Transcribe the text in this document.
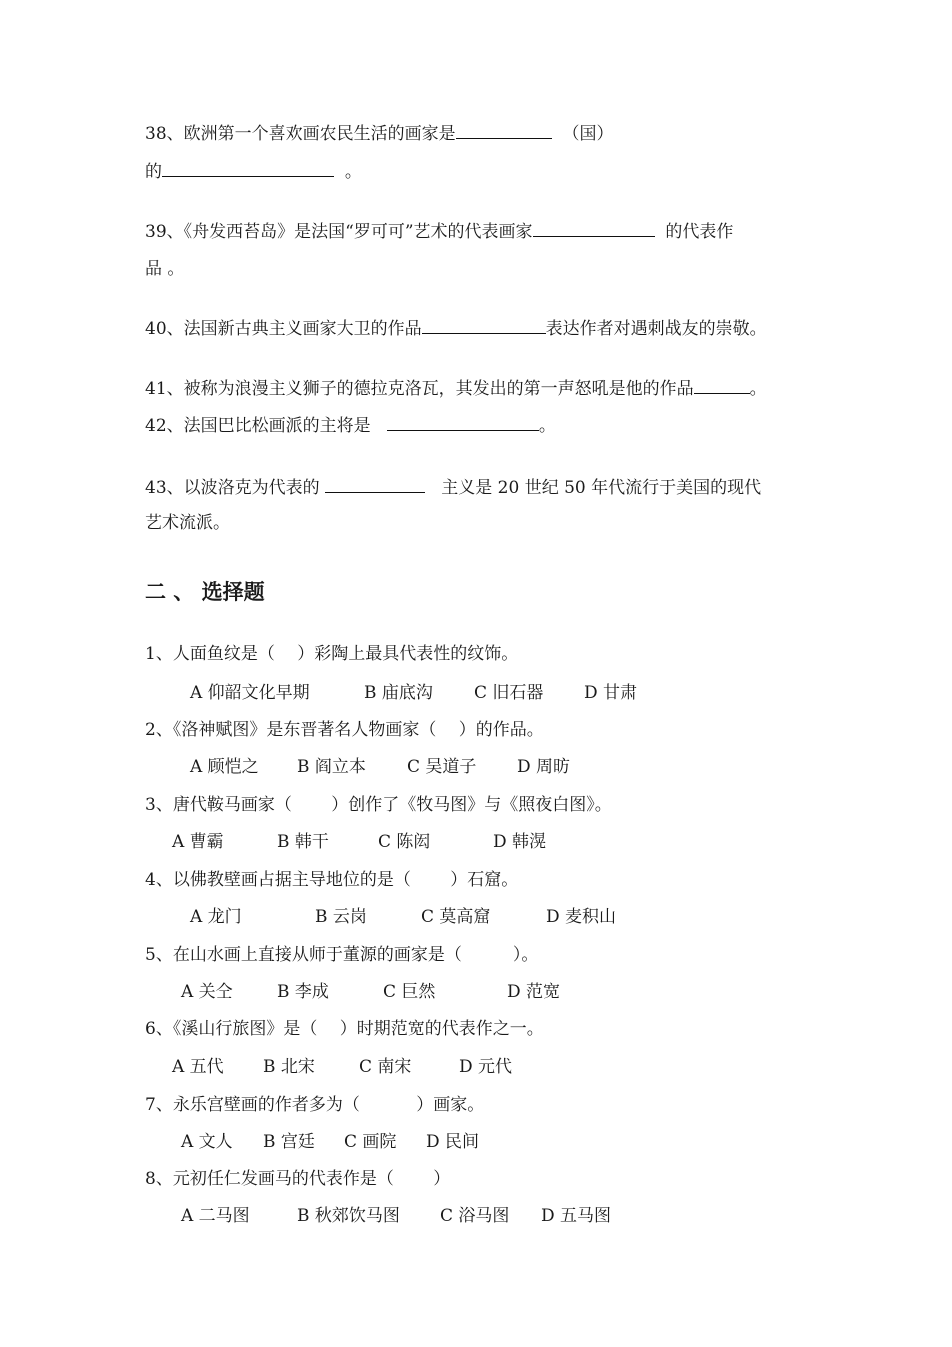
38、欧洲第一个喜欢画农民生活的画家是	（国）
的	。
39、《舟发西苔岛》是法国“罗可可”艺术的代表画家	的代表作
品 。
40、法国新古典主义画家大卫的作品	表达作者对遇刺战友的崇敬。
41、被称为浪漫主义狮子的德拉克洛瓦，其发出的第一声怒吼是他的作品	。
42、法国巴比松画派的主将是	。
43、以波洛克为代表的	主义是 20 世纪 50 年代流行于美国的现代
艺术流派。
二 、 选择题
1、人面鱼纹是（　 ）彩陶上最具代表性的纹饰。
A 仰韶文化早期	B 庙底沟 C 旧石器 D 甘肃
2、《洛神赋图》是东晋著名人物画家（　 ）的作品。
A 顾恺之 B 阎立本 C 吴道子 D 周昉
3、唐代鞍马画家（　　 ）创作了《牧马图》与《照夜白图》。
A 曹霸	B 韩干	C 陈闳	D 韩滉
4、以佛教壁画占据主导地位的是（　　 ）石窟。
A 龙门	B 云岗	C 莫高窟	D 麦积山
5、在山水画上直接从师于董源的画家是（　　　）。
A 关仝	B 李成	C 巨然	D 范宽
6、《溪山行旅图》是（　 ）时期范宽的代表作之一。
A 五代 B 北宋	C 南宋	D 元代
7、永乐宫壁画的作者多为（　　　 ）画家。
A 文人 B 宫廷 C 画院 D 民间
8、元初任仁发画马的代表作是（　　 ）
A 二马图	B 秋郊饮马图 C 浴马图 D 五马图
